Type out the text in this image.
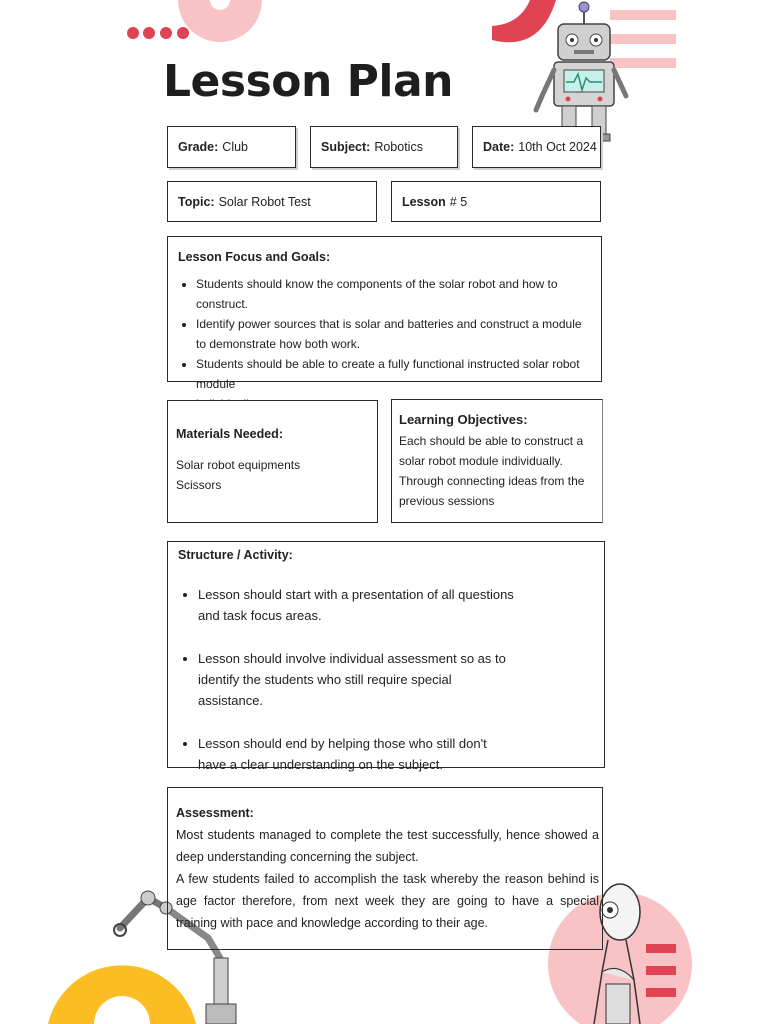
Lesson Plan
Grade: Club	Subject: Robotics	Date: 10th Oct 2024
Topic: Solar Robot Test	Lesson # 5
Lesson Focus and Goals:
• Students should know the components of the solar robot and how to construct.
• Identify power sources that is solar and batteries and construct a module to demonstrate how both work.
• Students should be able to create a fully functional instructed solar robot module
•
Materials Needed:
Solar robot equipments
Scissors
Learning Objectives:
Each should be able to construct a solar robot module individually. Through connecting ideas from the previous sessions
Structure / Activity:
• Lesson should start with a presentation of all questions and task focus areas.
• Lesson should involve individual assessment so as to identify the students who still require special assistance.
• Lesson should end by helping those who still don't have a clear understanding on the subject.
Assessment:
Most students managed to complete the test successfully, hence showed a deep understanding concerning the subject.
A few students failed to accomplish the task whereby the reason behind is age factor therefore, from next week they are going to have a special training with pace and knowledge according to their age.
